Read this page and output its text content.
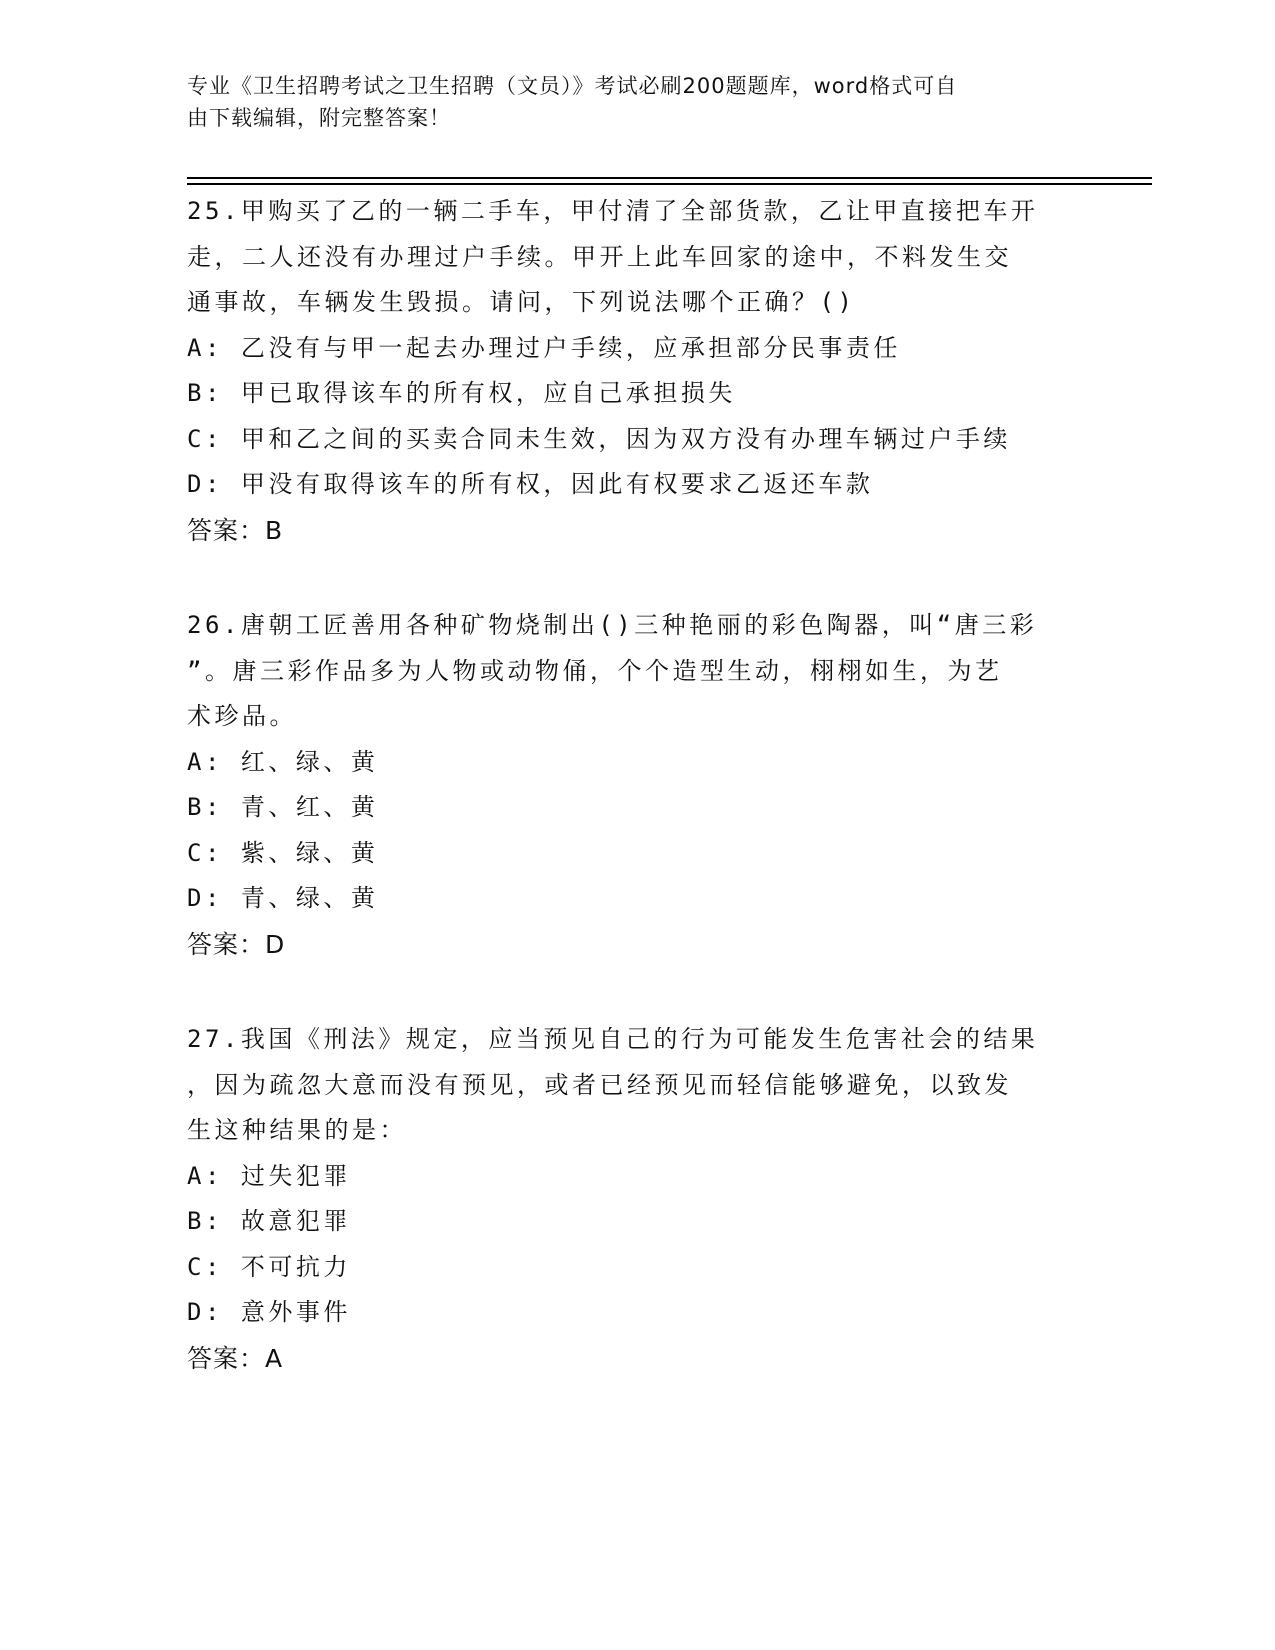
专业《卫生招聘考试之卫生招聘（文员）》考试必刷200题题库，word格式可自
由下载编辑，附完整答案！
25.甲购买了乙的一辆二手车，甲付清了全部货款，乙让甲直接把车开
走，二人还没有办理过户手续。甲开上此车回家的途中，不料发生交
通事故，车辆发生毁损。请问，下列说法哪个正确？()
A: 乙没有与甲一起去办理过户手续，应承担部分民事责任
B: 甲已取得该车的所有权，应自己承担损失
C: 甲和乙之间的买卖合同未生效，因为双方没有办理车辆过户手续
D: 甲没有取得该车的所有权，因此有权要求乙返还车款
答案：B
26.唐朝工匠善用各种矿物烧制出()三种艳丽的彩色陶器，叫“唐三彩
”。唐三彩作品多为人物或动物俑，个个造型生动，栩栩如生，为艺
术珍品。
A: 红、绿、黄
B: 青、红、黄
C: 紫、绿、黄
D: 青、绿、黄
答案：D
27.我国《刑法》规定，应当预见自己的行为可能发生危害社会的结果
，因为疏忽大意而没有预见，或者已经预见而轻信能够避免，以致发
生这种结果的是：
A: 过失犯罪
B: 故意犯罪
C: 不可抗力
D: 意外事件
答案：A
